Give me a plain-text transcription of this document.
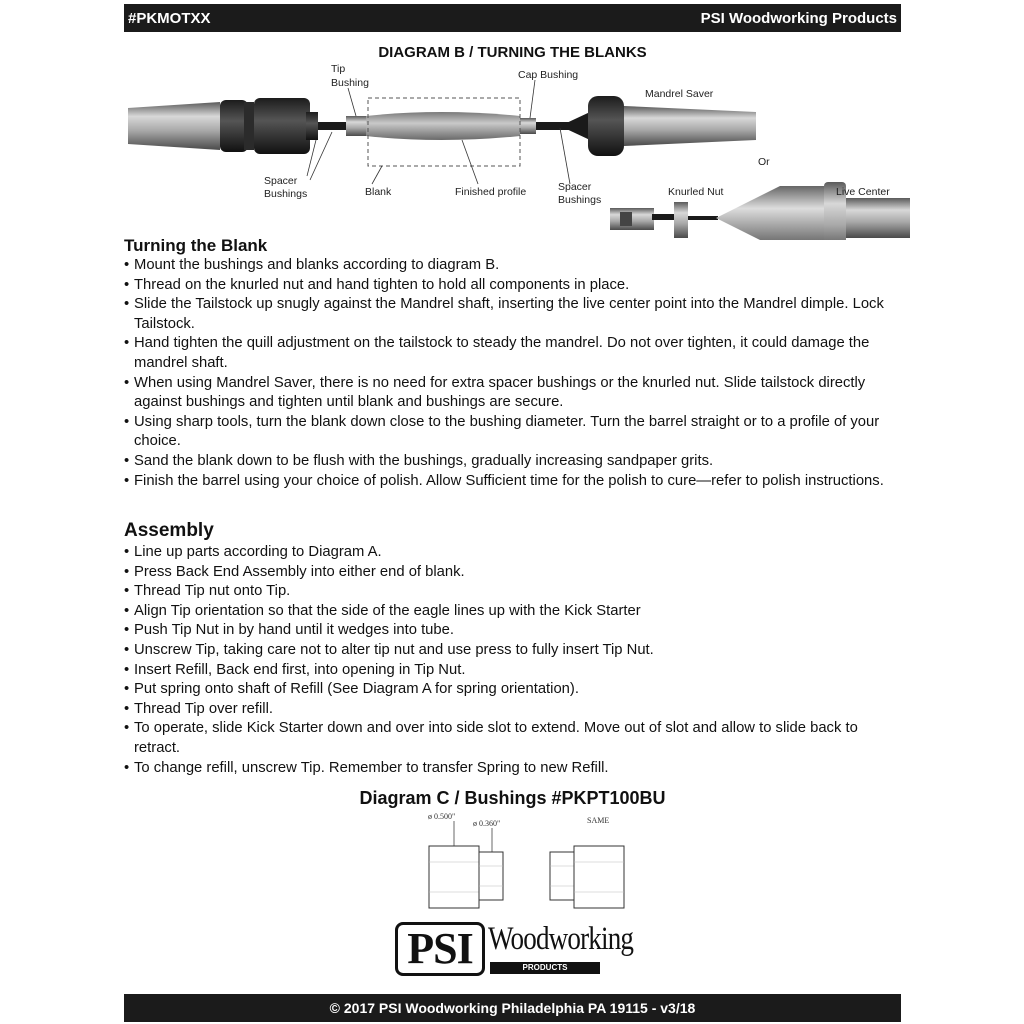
#PKMOTXX	PSI Woodworking Products
DIAGRAM B / TURNING THE BLANKS
Tip
Bushing
Cap Bushing
Mandrel Saver
Spacer
Bushings	Blank	Finished profile	Spacer
Bushings
Or
Knurled Nut	Live Center
Turning the Blank
• Mount the bushings and blanks according to diagram B.
• Thread on the knurled nut and hand tighten to hold all components in place.
• Slide the Tailstock up snugly against the Mandrel shaft, inserting the live center point into the Mandrel dimple. Lock Tailstock.
• Hand tighten the quill adjustment on the tailstock to steady the mandrel. Do not over tighten, it could damage the mandrel shaft.
• When using Mandrel Saver, there is no need for extra spacer bushings or the knurled nut. Slide tailstock directly against bushings and tighten until blank and bushings are secure.
• Using sharp tools, turn the blank down close to the bushing diameter. Turn the barrel straight or to a profile of your choice.
• Sand the blank down to be flush with the bushings, gradually increasing sandpaper grits.
• Finish the barrel using your choice of polish. Allow Sufficient time for the polish to cure—refer to polish instructions.
Assembly
• Line up parts according to Diagram A.
• Press Back End Assembly into either end of blank.
• Thread Tip nut onto Tip.
• Align Tip orientation so that the side of the eagle lines up with the Kick Starter
• Push Tip Nut in by hand until it wedges into tube.
• Unscrew Tip, taking care not to alter tip nut and use press to fully insert Tip Nut.
• Insert Refill, Back end first, into opening in Tip Nut.
• Put spring onto shaft of Refill (See Diagram A for spring orientation).
• Thread Tip over refill.
• To operate, slide Kick Starter down and over into side slot to extend. Move out of slot and allow to slide back to retract.
• To change refill, unscrew Tip. Remember to transfer Spring to new Refill.
Diagram C / Bushings #PKPT100BU
ø 0.500"
ø 0.360"	SAME
PSI Woodworking
PRODUCTS
© 2017 PSI Woodworking Philadelphia PA 19115 - v3/18
